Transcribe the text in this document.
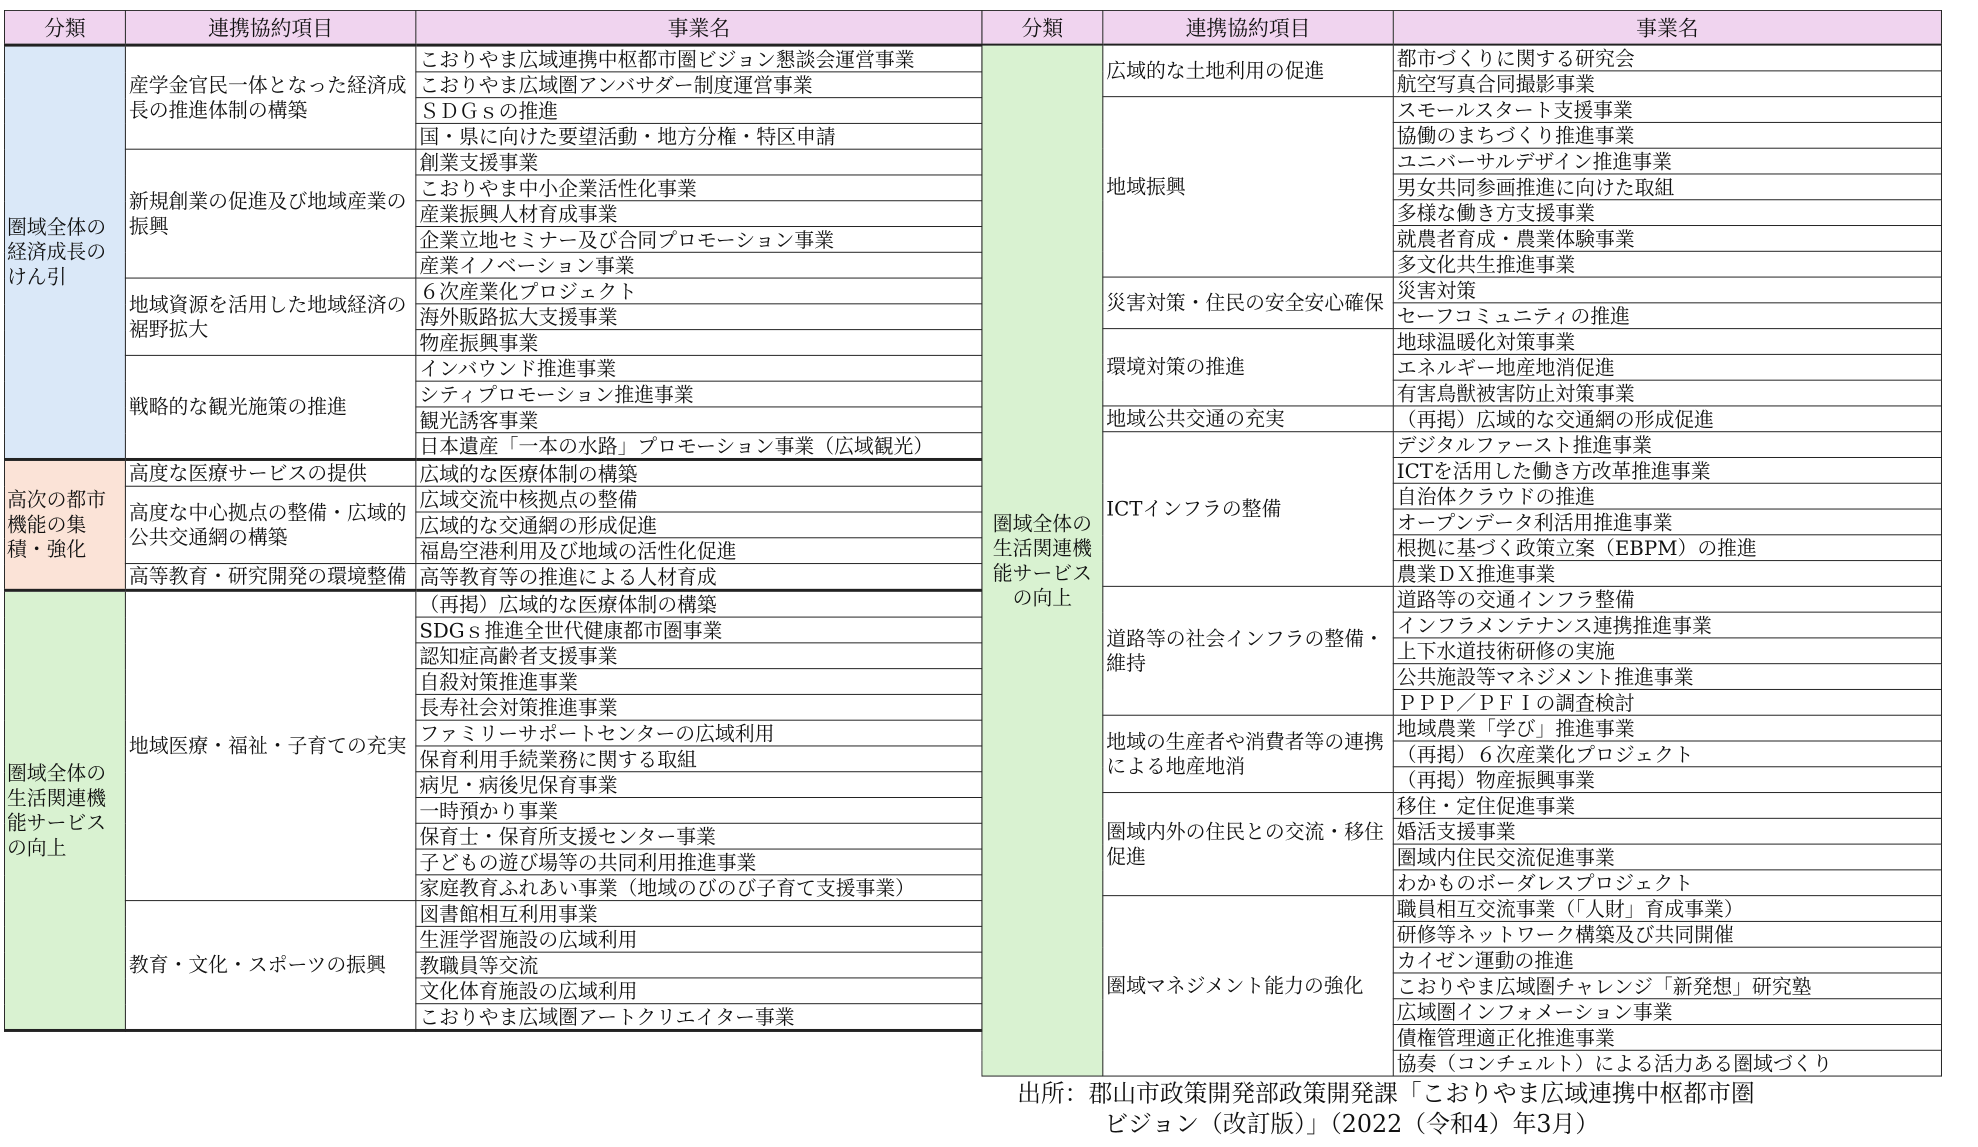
分類	連携協約項目	事業名
圏域全体の経済成長のけん引	産学金官民一体となった経済成長の推進体制の構築	こおりやま広域連携中枢都市圏ビジョン懇談会運営事業
		こおりやま広域圏アンバサダー制度運営事業
		ＳＤＧｓの推進
		国・県に向けた要望活動・地方分権・特区申請
	新規創業の促進及び地域産業の振興	創業支援事業
		こおりやま中小企業活性化事業
		産業振興人材育成事業
		企業立地セミナー及び合同プロモーション事業
		産業イノベーション事業
	地域資源を活用した地域経済の裾野拡大	６次産業化プロジェクト
		海外販路拡大支援事業
		物産振興事業
	戦略的な観光施策の推進	インバウンド推進事業
		シティプロモーション推進事業
		観光誘客事業
		日本遺産「一本の水路」プロモーション事業（広域観光）
高次の都市機能の集積・強化	高度な医療サービスの提供	広域的な医療体制の構築
	高度な中心拠点の整備・広域的公共交通網の構築	広域交流中核拠点の整備
		広域的な交通網の形成促進
		福島空港利用及び地域の活性化促進
	高等教育・研究開発の環境整備	高等教育等の推進による人材育成
圏域全体の生活関連機能サービスの向上	地域医療・福祉・子育ての充実	（再掲）広域的な医療体制の構築
		SDGｓ推進全世代健康都市圏事業
		認知症高齢者支援事業
		自殺対策推進事業
		長寿社会対策推進事業
		ファミリーサポートセンターの広域利用
		保育利用手続業務に関する取組
		病児・病後児保育事業
		一時預かり事業
		保育士・保育所支援センター事業
		子どもの遊び場等の共同利用推進事業
		家庭教育ふれあい事業（地域のびのび子育て支援事業）
	教育・文化・スポーツの振興	図書館相互利用事業
		生涯学習施設の広域利用
		教職員等交流
		文化体育施設の広域利用
		こおりやま広域圏アートクリエイター事業
分類	連携協約項目	事業名
圏域全体の生活関連機能サービスの向上	広域的な土地利用の促進	都市づくりに関する研究会
		航空写真合同撮影事業
	地域振興	スモールスタート支援事業
		協働のまちづくり推進事業
		ユニバーサルデザイン推進事業
		男女共同参画推進に向けた取組
		多様な働き方支援事業
		就農者育成・農業体験事業
		多文化共生推進事業
	災害対策・住民の安全安心確保	災害対策
		セーフコミュニティの推進
	環境対策の推進	地球温暖化対策事業
		エネルギー地産地消促進
		有害鳥獣被害防止対策事業
	地域公共交通の充実	（再掲）広域的な交通網の形成促進
	ICTインフラの整備	デジタルファースト推進事業
		ICTを活用した働き方改革推進事業
		自治体クラウドの推進
		オープンデータ利活用推進事業
		根拠に基づく政策立案（EBPM）の推進
		農業ＤＸ推進事業
	道路等の社会インフラの整備・ 維持	道路等の交通インフラ整備
		インフラメンテナンス連携推進事業
		上下水道技術研修の実施
		公共施設等マネジメント推進事業
		ＰＰＰ／ＰＦＩの調査検討
	地域の生産者や消費者等の連携による地産地消	地域農業「学び」推進事業
		（再掲）６次産業化プロジェクト
		（再掲）物産振興事業
	圏域内外の住民との交流・移住促進	移住・定住促進事業
		婚活支援事業
		圏域内住民交流促進事業
		わかものボーダレスプロジェクト
	圏域マネジメント能力の強化	職員相互交流事業（「人財」育成事業）
		研修等ネットワーク構築及び共同開催
		カイゼン運動の推進
		こおりやま広域圏チャレンジ「新発想」研究塾
		広域圏インフォメーション事業
		債権管理適正化推進事業
		協奏（コンチェルト）による活力ある圏域づくり
出所：郡山市政策開発部政策開発課「こおりやま広域連携中枢都市圏
ビジョン（改訂版）」（2022（令和4）年3月）
